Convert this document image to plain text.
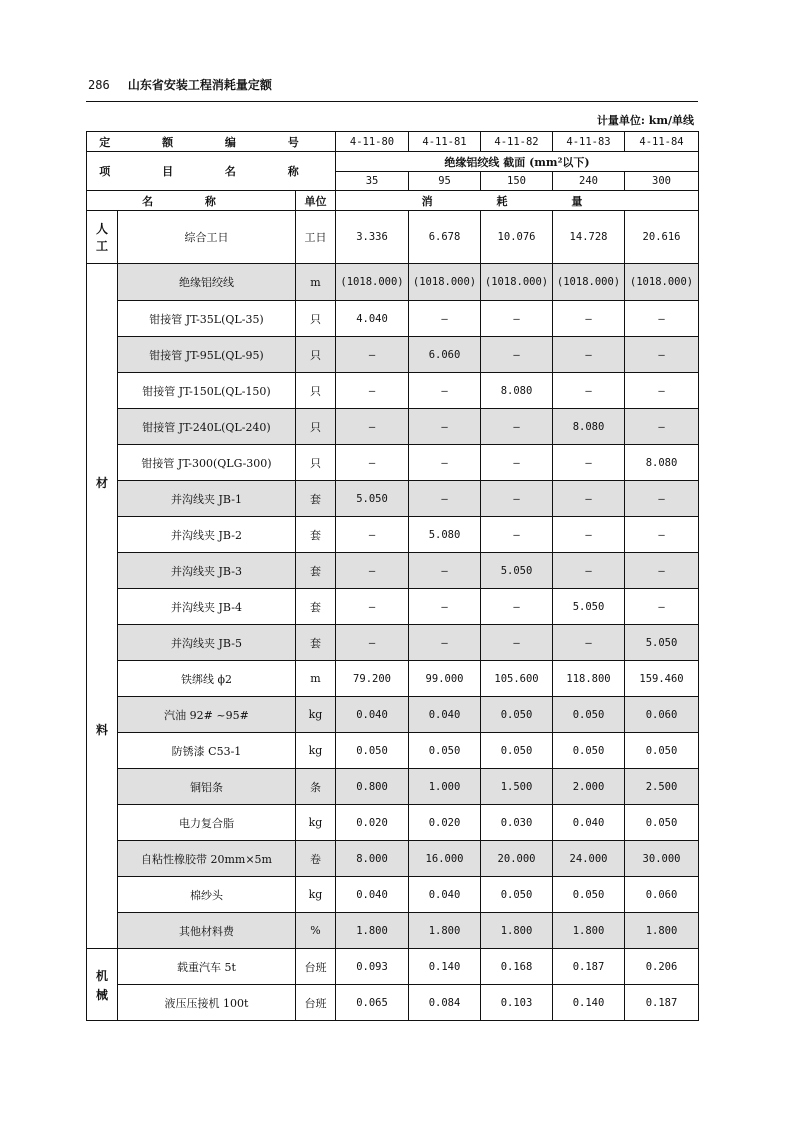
286 山东省安装工程消耗量定额
计量单位: km/单线
定 额 编 号			4-11-80	4-11-81	4-11-82	4-11-83	4-11-84
项 目 名 称			绝缘铝绞线 截面 (mm²以下)				
			35	95	150	240	300
名 称		单位	消 耗 量				

人
工	综合工日	工日	3.336	6.678	10.076	14.728	20.616

材
料	绝缘铝绞线	m	(1018.000)	(1018.000)	(1018.000)	(1018.000)	(1018.000)
	钳接管 JT-35L(QL-35)	只	4.040	—	—	—	—
	钳接管 JT-95L(QL-95)	只	—	6.060	—	—	—
	钳接管 JT-150L(QL-150)	只	—	—	8.080	—	—
	钳接管 JT-240L(QL-240)	只	—	—	—	8.080	—
	钳接管 JT-300(QLG-300)	只	—	—	—	—	8.080
	并沟线夹 JB-1	套	5.050	—	—	—	—
	并沟线夹 JB-2	套	—	5.080	—	—	—
	并沟线夹 JB-3	套	—	—	5.050	—	—
	并沟线夹 JB-4	套	—	—	—	5.050	—
	并沟线夹 JB-5	套	—	—	—	—	5.050
	铁绑线 ϕ2	m	79.200	99.000	105.600	118.800	159.460
	汽油 92# ~95#	kg	0.040	0.040	0.050	0.050	0.060
	防锈漆 C53-1	kg	0.050	0.050	0.050	0.050	0.050
	铜铝条	条	0.800	1.000	1.500	2.000	2.500
	电力复合脂	kg	0.020	0.020	0.030	0.040	0.050
	自粘性橡胶带 20mm×5m	卷	8.000	16.000	20.000	24.000	30.000
	棉纱头	kg	0.040	0.040	0.050	0.050	0.060
	其他材料费	%	1.800	1.800	1.800	1.800	1.800

机
械	载重汽车 5t	台班	0.093	0.140	0.168	0.187	0.206
	液压压接机 100t	台班	0.065	0.084	0.103	0.140	0.187
